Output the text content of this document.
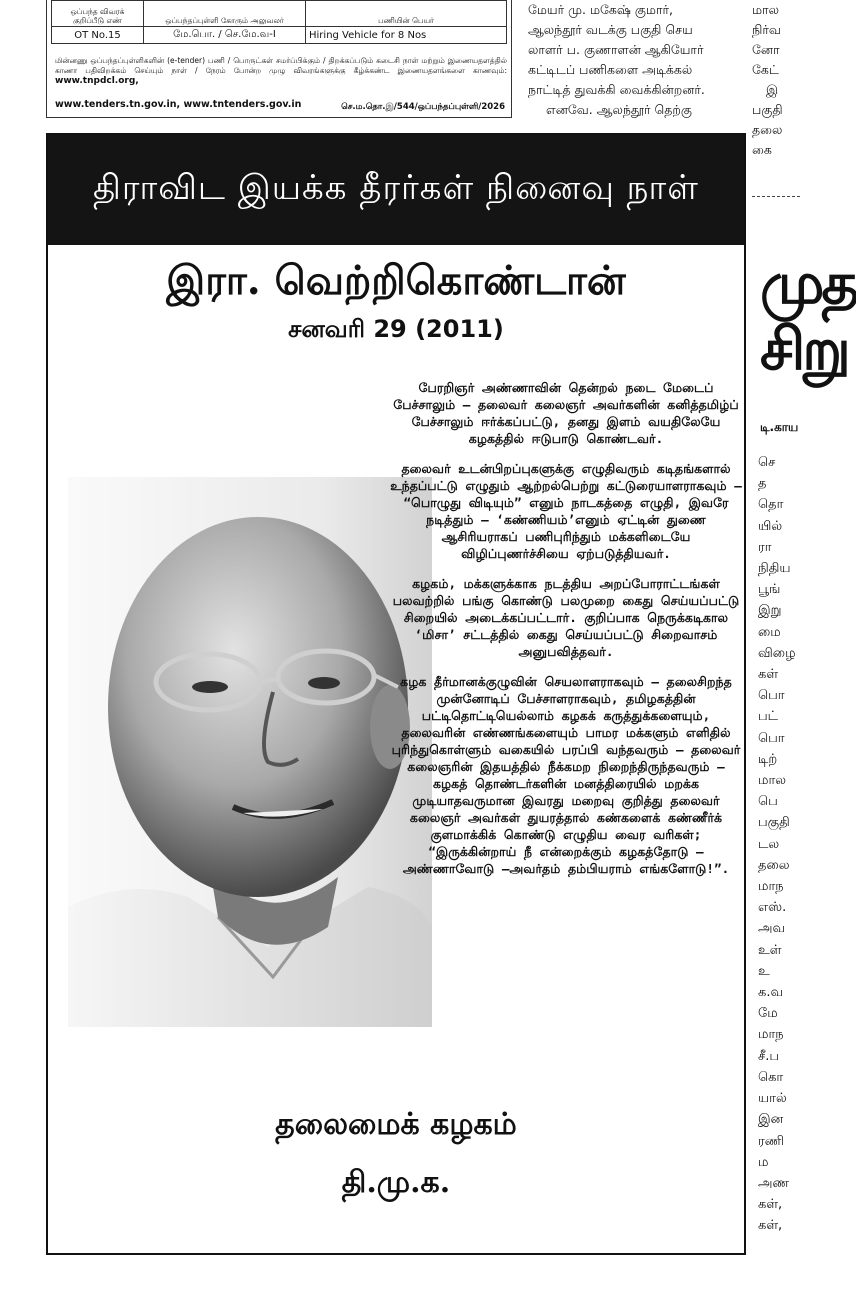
ஒப்பந்த விவரக் குறிப்பீடு எண்	ஒப்பந்தப்புள்ளி கோரும் அலுவலர்	பணியின் பெயர்
OT No.15	மே.பொ. / செ.மே.வ-I	Hiring Vehicle for 8 Nos
மின்னணு ஒப்பந்தப்புள்ளிகளின் (e-tender) பணி / பொருட்கள் சமர்ப்பிக்கும் / திறக்கப்படும் கடைசி நாள் மற்றும் இணையதளத்தில் காணா பதிவிறக்கம் செய்யும் நாள் / நேரம் போன்ற முழு விவரங்களுக்கு கீழ்க்கண்ட இணையதளங்களை காணவும்: www.tnpdcl.org,
www.tenders.tn.gov.in, www.tntenders.gov.in	செ.ம.தொ.இ/544/ஒப்பந்தப்புள்ளி/2026
மேயர் மு. மகேஷ் குமார்,
ஆலந்தூர் வடக்கு பகுதி செய
லாளர் ப. குணாளன் ஆகியோர்
கட்டிடப் பணிகளை அடிக்கல்
நாட்டித் துவக்கி வைக்கின்றனர்.
எனவே. ஆலந்தூர் தெற்கு
மால
நிர்வ
னோ
கேட்
இ
பகுதி
தலை
கை
முத
சிறு
டி.காய
செ
த
தொ
யில்
ரா
நிதிய
பூங்
இறு
மை
விழை
கள்
பொ
பட்
பொ
டிற்
மால
பெ
பகுதி
டல
தலை
மாந
எஸ்.
அவ
உள்
உ
க.வ
மே
மாந
சீ.ப
கொ
யால்
இன
ரணி
ம
அண
கள்,
கள்,
திராவிட இயக்க தீரர்கள் நினைவு நாள்
இரா. வெற்றிகொண்டான்
சனவரி 29 (2011)

பேரறிஞர் அண்ணாவின் தென்றல் நடை மேடைப் பேச்சாலும் – தலைவர் கலைஞர் அவர்களின் கனித்தமிழ்ப் பேச்சாலும் ஈர்க்கப்பட்டு, தனது இளம் வயதிலேயே கழகத்தில் ஈடுபாடு கொண்டவர்.

தலைவர் உடன்பிறப்புகளுக்கு எழுதிவரும் கடிதங்களால் உந்தப்பட்டு எழுதும் ஆற்றல்பெற்று கட்டுரையாளராகவும் – “பொழுது விடியும்” எனும் நாடகத்தை எழுதி, இவரே நடித்தும் – ‘கண்ணியம்’எனும் ஏட்டின் துணை ஆசிரியராகப் பணிபுரிந்தும் மக்களிடையே விழிப்புணர்ச்சியை ஏற்படுத்தியவர்.

கழகம், மக்களுக்காக நடத்திய அறப்போராட்டங்கள் பலவற்றில் பங்கு கொண்டு பலமுறை கைது செய்யப்பட்டு சிறையில் அடைக்கப்பட்டார். குறிப்பாக நெருக்கடிகால ‘மிசா’ சட்டத்தில் கைது செய்யப்பட்டு சிறைவாசம் அனுபவித்தவர்.

கழக தீர்மானக்குழுவின் செயலாளராகவும் – தலைசிறந்த முன்னோடிப் பேச்சாளராகவும், தமிழகத்தின் பட்டிதொட்டியெல்லாம் கழகக் கருத்துக்களையும், தலைவரின் எண்ணங்களையும் பாமர மக்களும் எளிதில் புரிந்துகொள்ளும் வகையில் பரப்பி வந்தவரும் – தலைவர் கலைஞரின் இதயத்தில் நீக்கமற நிறைந்திருந்தவரும் – கழகத் தொண்டர்களின் மனத்திரையில் மறக்க முடியாதவருமான இவரது மறைவு குறித்து தலைவர் கலைஞர் அவர்கள் துயரத்தால் கண்களைக் கண்ணீர்க் குளமாக்கிக் கொண்டு எழுதிய வைர வரிகள்; “இருக்கின்றாய் நீ என்றைக்கும் கழகத்தோடு – அண்ணாவோடு –அவர்தம் தம்பியராம் எங்களோடு!”.

தலைமைக் கழகம்
தி.மு.க.
